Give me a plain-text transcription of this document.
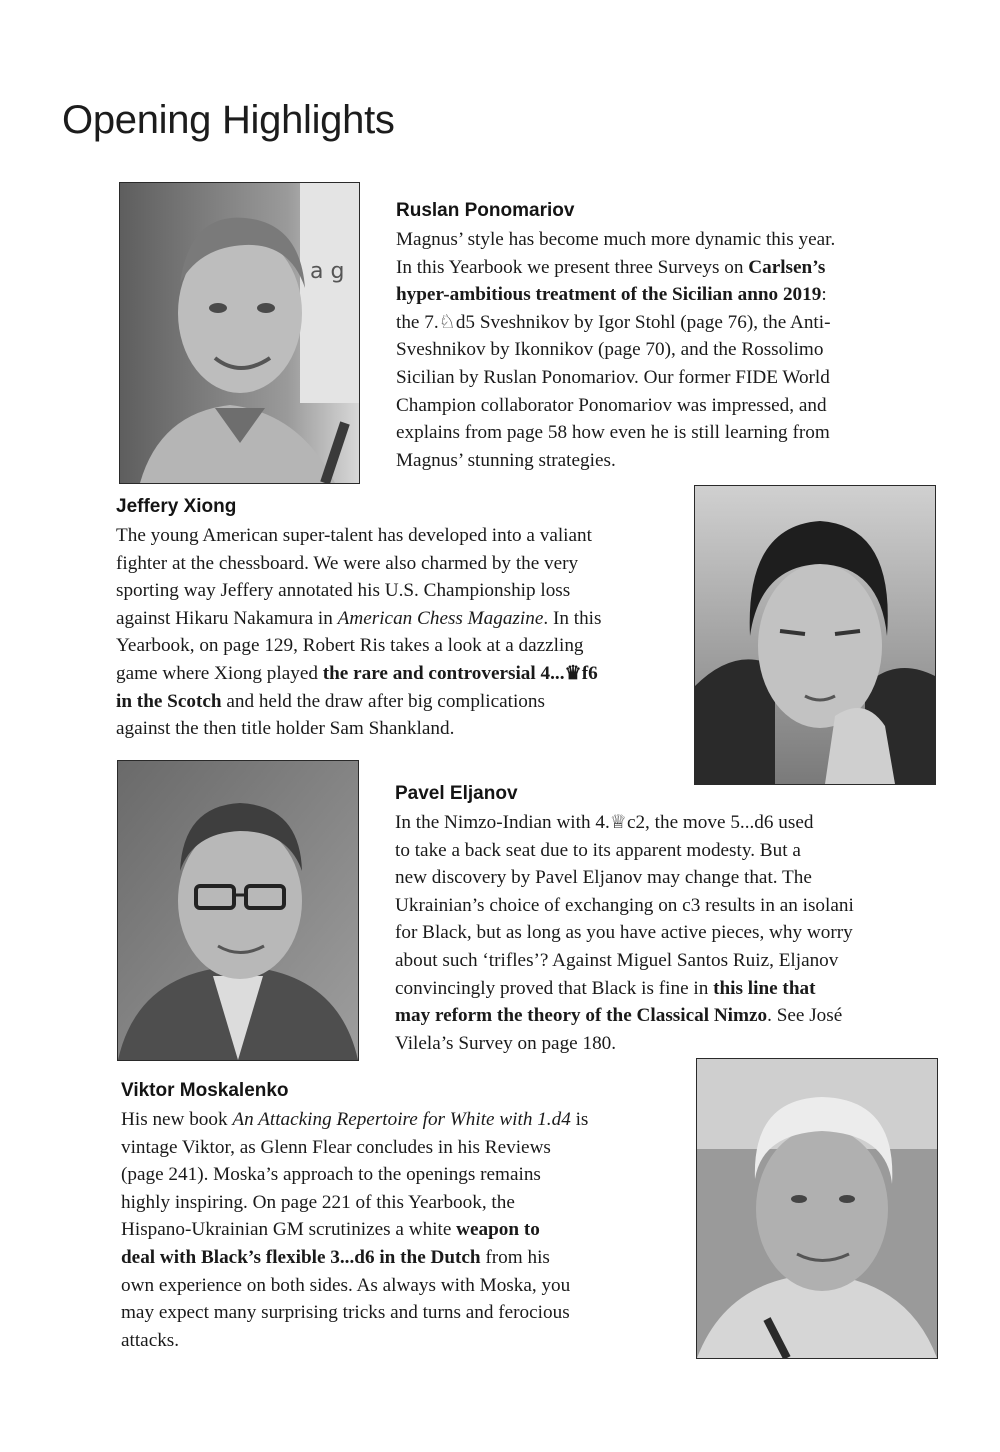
Opening Highlights
a g

Ruslan Ponomariov

Magnus’ style has become much more dynamic this year.
In this Yearbook we present three Surveys on Carlsen’s
hyper-ambitious treatment of the Sicilian anno 2019:
the 7.♘d5 Sveshnikov by Igor Stohl (page 76), the Anti-
Sveshnikov by Ikonnikov (page 70), and the Rossolimo
Sicilian by Ruslan Ponomariov. Our former FIDE World
Champion collaborator Ponomariov was impressed, and
explains from page 58 how even he is still learning from
Magnus’ stunning strategies.

Jeffery Xiong

The young American super-talent has developed into a valiant
fighter at the chessboard. We were also charmed by the very
sporting way Jeffery annotated his U.S. Championship loss
against Hikaru Nakamura in American Chess Magazine. In this
Yearbook, on page 129, Robert Ris takes a look at a dazzling
game where Xiong played the rare and controversial 4...♛f6
in the Scotch and held the draw after big complications
against the then title holder Sam Shankland.

Pavel Eljanov

In the Nimzo-Indian with 4.♕c2, the move 5...d6 used
to take a back seat due to its apparent modesty. But a
new discovery by Pavel Eljanov may change that. The
Ukrainian’s choice of exchanging on c3 results in an isolani
for Black, but as long as you have active pieces, why worry
about such ‘trifles’? Against Miguel Santos Ruiz, Eljanov
convincingly proved that Black is fine in this line that
may reform the theory of the Classical Nimzo. See José
Vilela’s Survey on page 180.

Viktor Moskalenko

His new book An Attacking Repertoire for White with 1.d4 is
vintage Viktor, as Glenn Flear concludes in his Reviews
(page 241). Moska’s approach to the openings remains
highly inspiring. On page 221 of this Yearbook, the
Hispano-Ukrainian GM scrutinizes a white weapon to
deal with Black’s flexible 3...d6 in the Dutch from his
own experience on both sides. As always with Moska, you
may expect many surprising tricks and turns and ferocious
attacks.
